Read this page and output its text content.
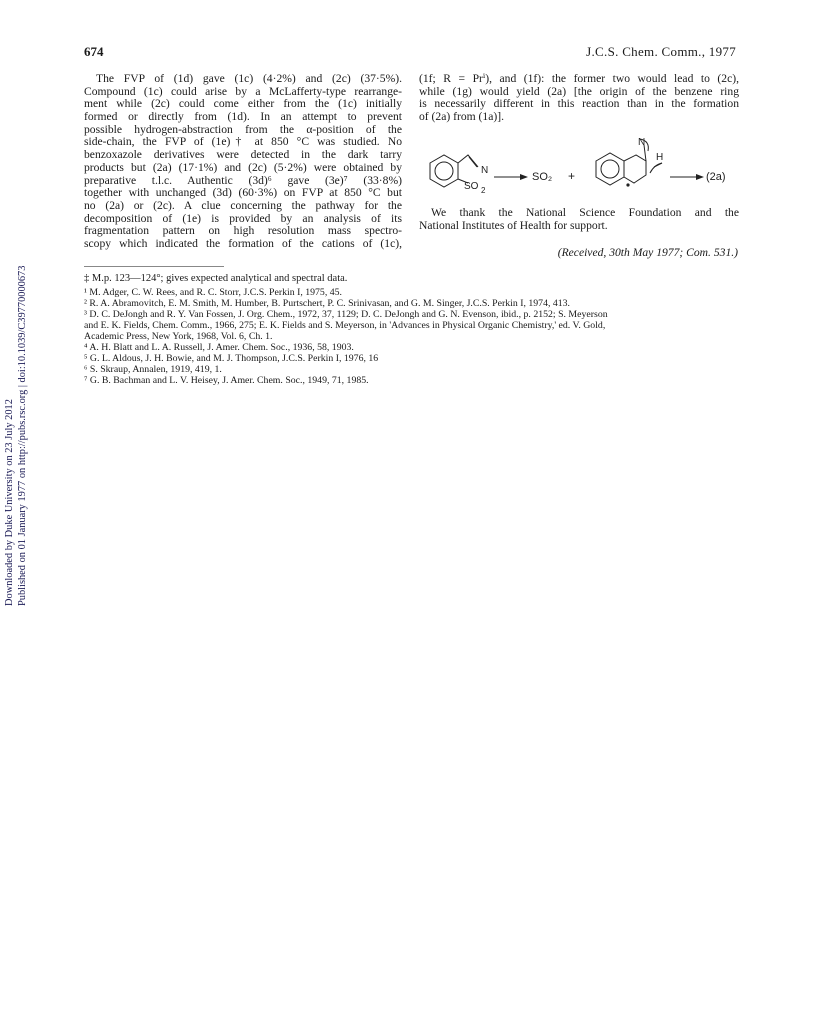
674	J.C.S. Chem. Comm., 1977
The FVP of (1d) gave (1c) (4·2%) and (2c) (37·5%).
Compound (1c) could arise by a McLafferty-type rearrange-
ment while (2c) could come either from the (1c) initially
formed or directly from (1d). In an attempt to prevent
possible hydrogen-abstraction from the α-position of the
side-chain, the FVP of (1e)† at 850 °C was studied. No
benzoxazole derivatives were detected in the dark tarry
products but (2a) (17·1%) and (2c) (5·2%) were obtained by
preparative t.l.c. Authentic (3d)⁶ gave (3e)⁷ (33·8%)
together with unchanged (3d) (60·3%) on FVP at 850 °C but
no (2a) or (2c). A clue concerning the pathway for the
decomposition of (1e) is provided by an analysis of its
fragmentation pattern on high resolution mass spectro-
scopy which indicated the formation of the cations of (1c),
(1f; R = Prⁱ), and (1f): the former two would lead to (2c),
while (1g) would yield (2a) [the origin of the benzene ring
is necessarily different in this reaction than in the formation
of (2a) from (1a)].
N
SO 2
SO₂ +
N
H
(2a)
We thank the National Science Foundation and the
National Institutes of Health for support.
(Received, 30th May 1977; Com. 531.)
‡ M.p. 123—124°; gives expected analytical and spectral data.
¹ M. Adger, C. W. Rees, and R. C. Storr, J.C.S. Perkin I, 1975, 45.
² R. A. Abramovitch, E. M. Smith, M. Humber, B. Purtschert, P. C. Srinivasan, and G. M. Singer, J.C.S. Perkin I, 1974, 413.
³ D. C. DeJongh and R. Y. Van Fossen, J. Org. Chem., 1972, 37, 1129; D. C. DeJongh and G. N. Evenson, ibid., p. 2152; S. Meyerson
and E. K. Fields, Chem. Comm., 1966, 275; E. K. Fields and S. Meyerson, in 'Advances in Physical Organic Chemistry,' ed. V. Gold,
Academic Press, New York, 1968, Vol. 6, Ch. 1.
⁴ A. H. Blatt and L. A. Russell, J. Amer. Chem. Soc., 1936, 58, 1903.
⁵ G. L. Aldous, J. H. Bowie, and M. J. Thompson, J.C.S. Perkin I, 1976, 16
⁶ S. Skraup, Annalen, 1919, 419, 1.
⁷ G. B. Bachman and L. V. Heisey, J. Amer. Chem. Soc., 1949, 71, 1985.
Downloaded by Duke University on 23 July 2012 Published on 01 January 1977 on http://pubs.rsc.org | doi:10.1039/C39770000673
